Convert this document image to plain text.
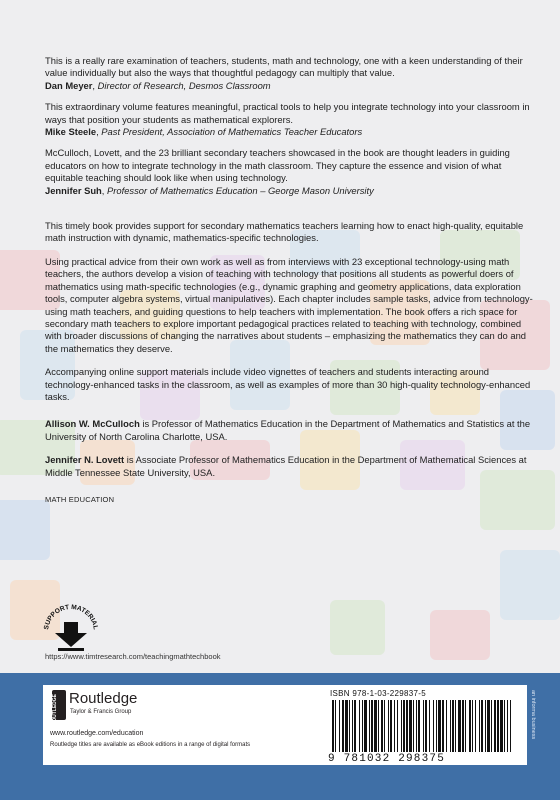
This is a really rare examination of teachers, students, math and technology, one with a keen understanding of their value individually but also the ways that thoughtful pedagogy can multiply that value.
Dan Meyer, Director of Research, Desmos Classroom
This extraordinary volume features meaningful, practical tools to help you integrate technology into your classroom in ways that position your students as mathematical explorers.
Mike Steele, Past President, Association of Mathematics Teacher Educators
McCulloch, Lovett, and the 23 brilliant secondary teachers showcased in the book are thought leaders in guiding educators on how to integrate technology in the math classroom. They capture the essence and vision of what equitable teaching should look like when using technology.
Jennifer Suh, Professor of Mathematics Education – George Mason University

This timely book provides support for secondary mathematics teachers learning how to enact high-quality, equitable math instruction with dynamic, mathematics-specific technologies.

Using practical advice from their own work as well as from interviews with 23 exceptional technology-using math teachers, the authors develop a vision of teaching with technology that positions all students as powerful doers of mathematics using math-specific technologies (e.g., dynamic graphing and geometry applications, data exploration tools, computer algebra systems, virtual manipulatives). Each chapter includes sample tasks, advice from technology-using math teachers, and guiding questions to help teachers with implementation. The book offers a rich space for secondary math teachers to explore important pedagogical practices related to teaching with technology, combined with broader discussions of changing the narratives about students – emphasizing the mathematics they can do and the mathematics they deserve.

Accompanying online support materials include video vignettes of teachers and students interacting around technology-enhanced tasks in the classroom, as well as examples of more than 30 high-quality technology-enhanced tasks.

Allison W. McCulloch is Professor of Mathematics Education in the Department of Mathematics and Statistics at the University of North Carolina Charlotte, USA.

Jennifer N. Lovett is Associate Professor of Mathematics Education in the Department of Mathematical Sciences at Middle Tennessee State University, USA.

MATH EDUCATION
SUPPORT MATERIAL
https://www.timtresearch.com/teachingmathtechbook
an informa business
ROUTLEDGE Routledge
Taylor & Francis Group
www.routledge.com/education
Routledge titles are available as eBook editions in a range of digital formats
ISBN 978-1-03-229837-5
9 781032 298375
